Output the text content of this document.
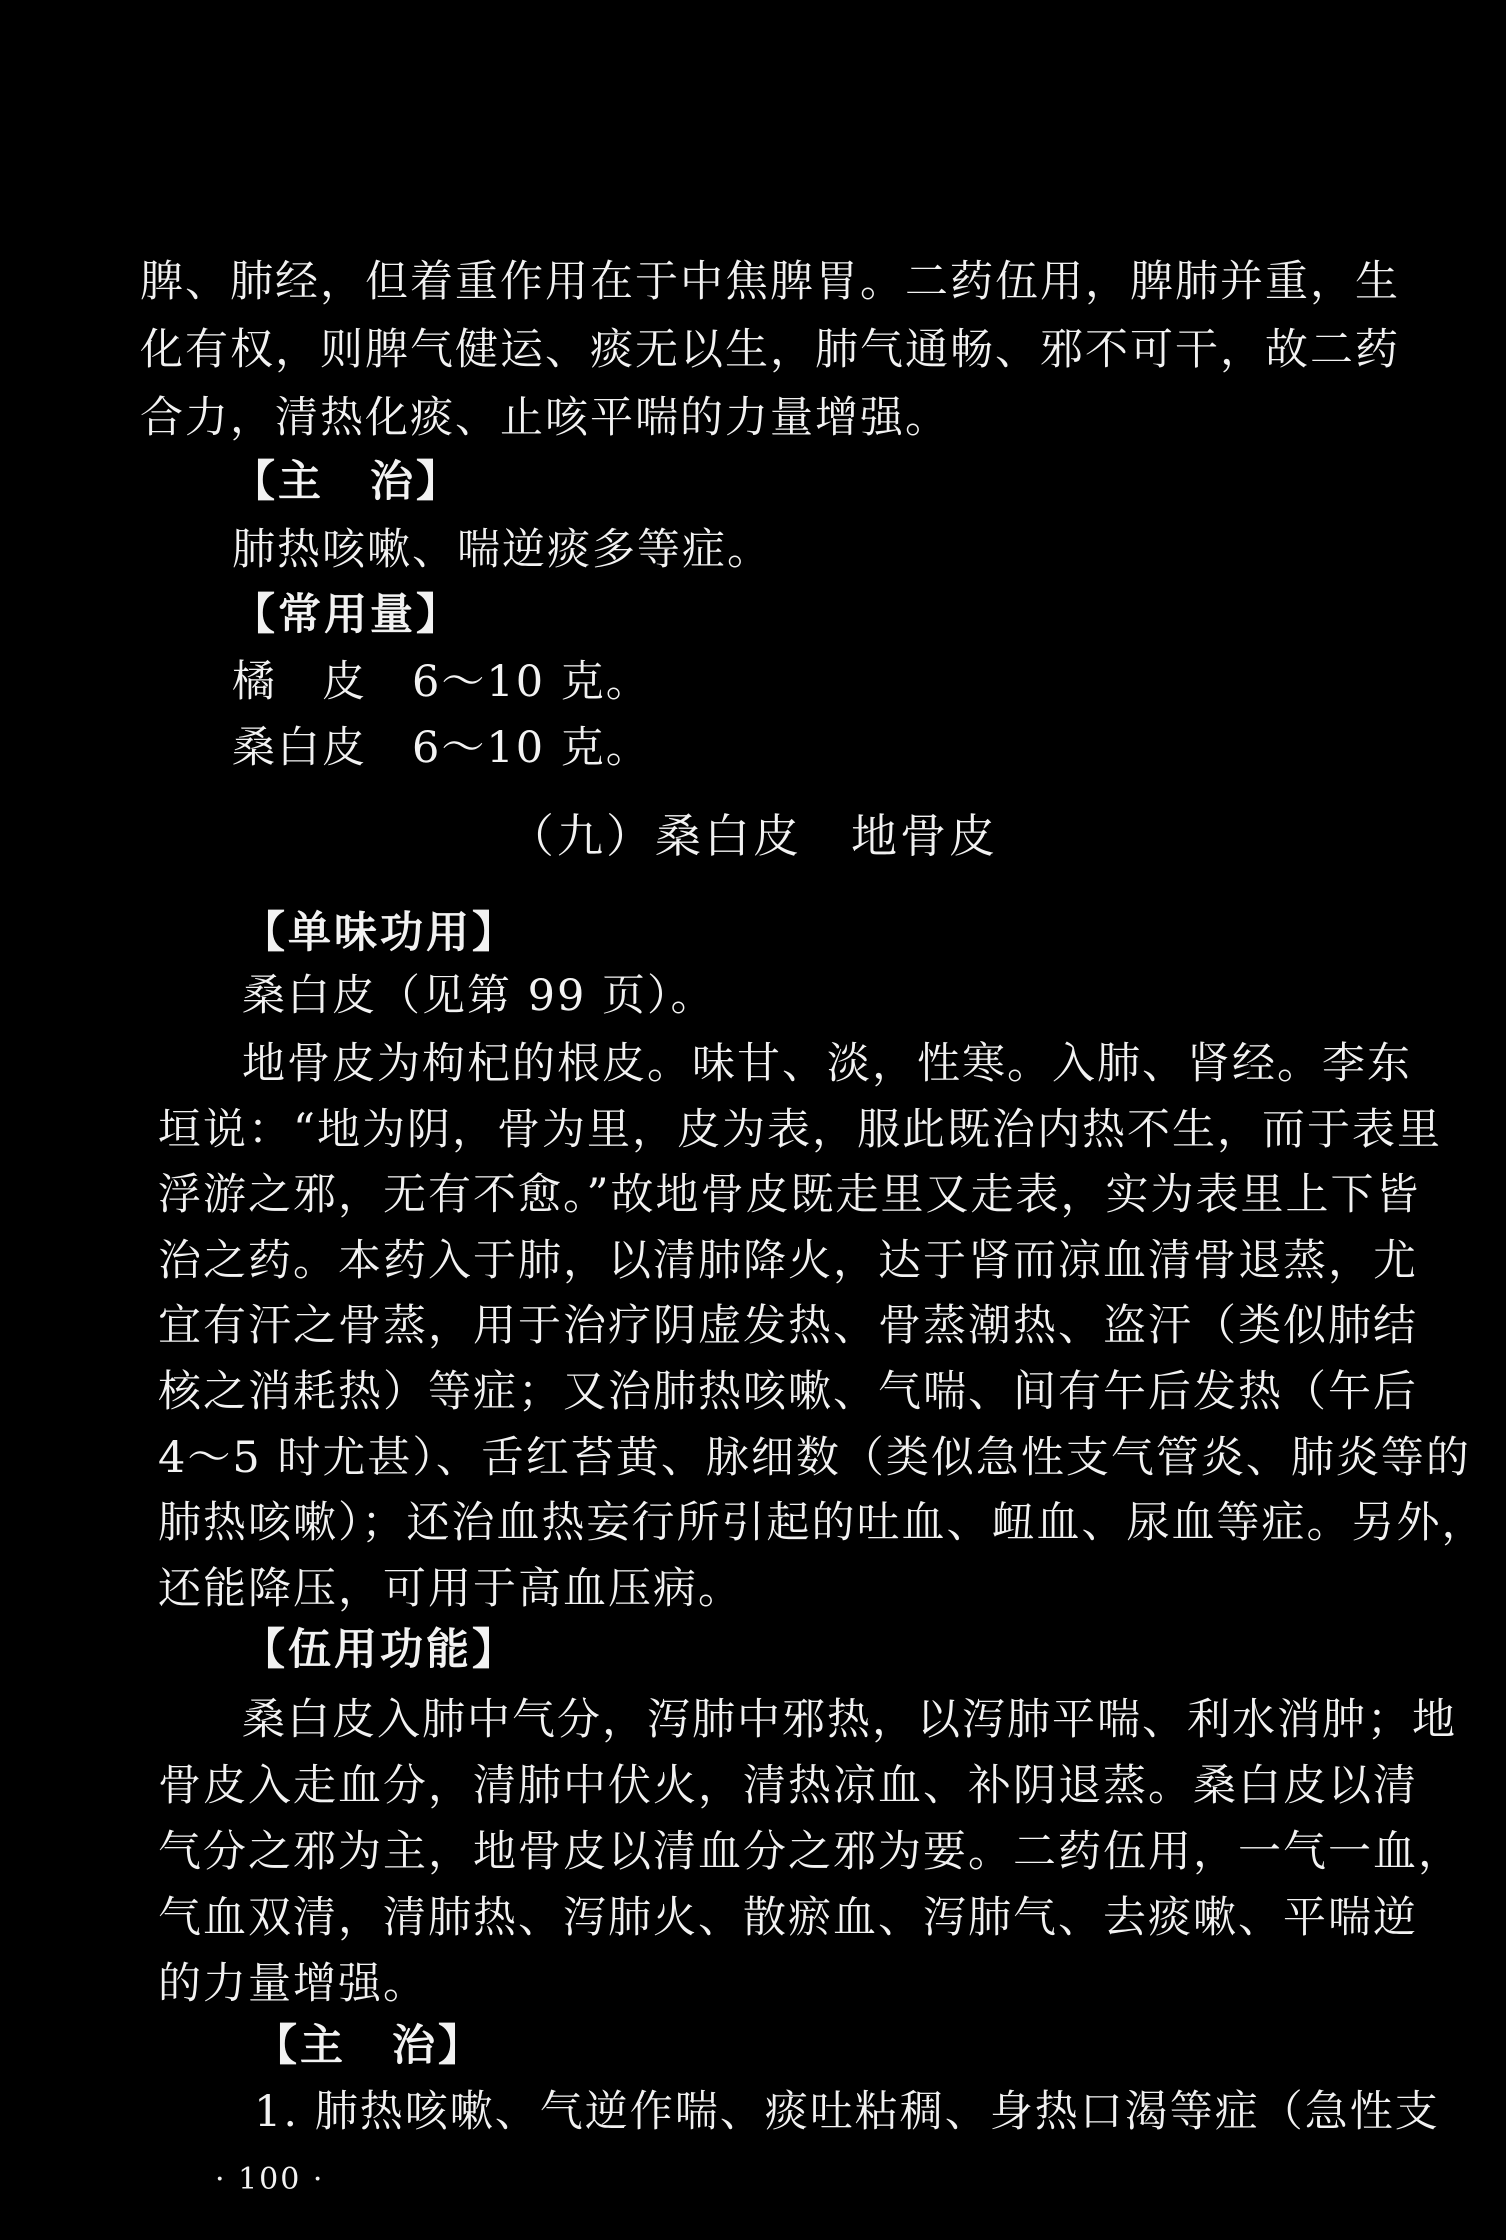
脾、肺经，但着重作用在于中焦脾胃。二药伍用，脾肺并重，生
化有权，则脾气健运、痰无以生，肺气通畅、邪不可干，故二药
合力，清热化痰、止咳平喘的力量增强。
【主　治】
肺热咳嗽、喘逆痰多等症。
【常用量】
橘　皮　6～10 克。
桑白皮　6～10 克。
（九）桑白皮　地骨皮
【单味功用】
桑白皮（见第 99 页）。
地骨皮为枸杞的根皮。味甘、淡，性寒。入肺、肾经。李东
垣说：“地为阴，骨为里，皮为表，服此既治内热不生，而于表里
浮游之邪，无有不愈。”故地骨皮既走里又走表，实为表里上下皆
治之药。本药入于肺，以清肺降火，达于肾而凉血清骨退蒸，尤
宜有汗之骨蒸，用于治疗阴虚发热、骨蒸潮热、盗汗（类似肺结
核之消耗热）等症；又治肺热咳嗽、气喘、间有午后发热（午后
4～5 时尤甚）、舌红苔黄、脉细数（类似急性支气管炎、肺炎等的
肺热咳嗽）；还治血热妄行所引起的吐血、衄血、尿血等症。另外，
还能降压，可用于高血压病。
【伍用功能】
桑白皮入肺中气分，泻肺中邪热，以泻肺平喘、利水消肿；地
骨皮入走血分，清肺中伏火，清热凉血、补阴退蒸。桑白皮以清
气分之邪为主，地骨皮以清血分之邪为要。二药伍用，一气一血，
气血双清，清肺热、泻肺火、散瘀血、泻肺气、去痰嗽、平喘逆
的力量增强。
【主　治】
1. 肺热咳嗽、气逆作喘、痰吐粘稠、身热口渴等症（急性支
· 100 ·
